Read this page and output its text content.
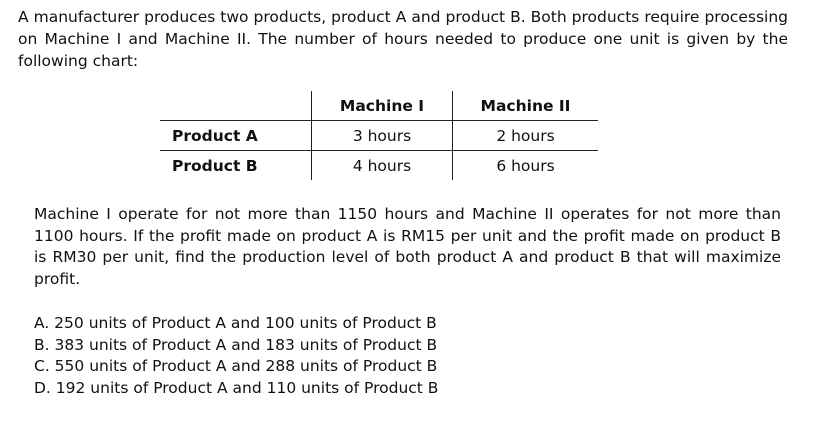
A manufacturer produces two products, product A and product B. Both products require processing on Machine I and Machine II. The number of hours needed to produce one unit is given by the following chart:

	Machine I	Machine II
Product A	3 hours	2 hours
Product B	4 hours	6 hours

Machine I operate for not more than 1150 hours and Machine II operates for not more than 1100 hours. If the profit made on product A is RM15 per unit and the profit made on product B is RM30 per unit, find the production level of both product A and product B that will maximize profit.

A. 250 units of Product A and 100 units of Product B
B. 383 units of Product A and 183 units of Product B
C. 550 units of Product A and 288 units of Product B
D. 192 units of Product A and 110 units of Product B
